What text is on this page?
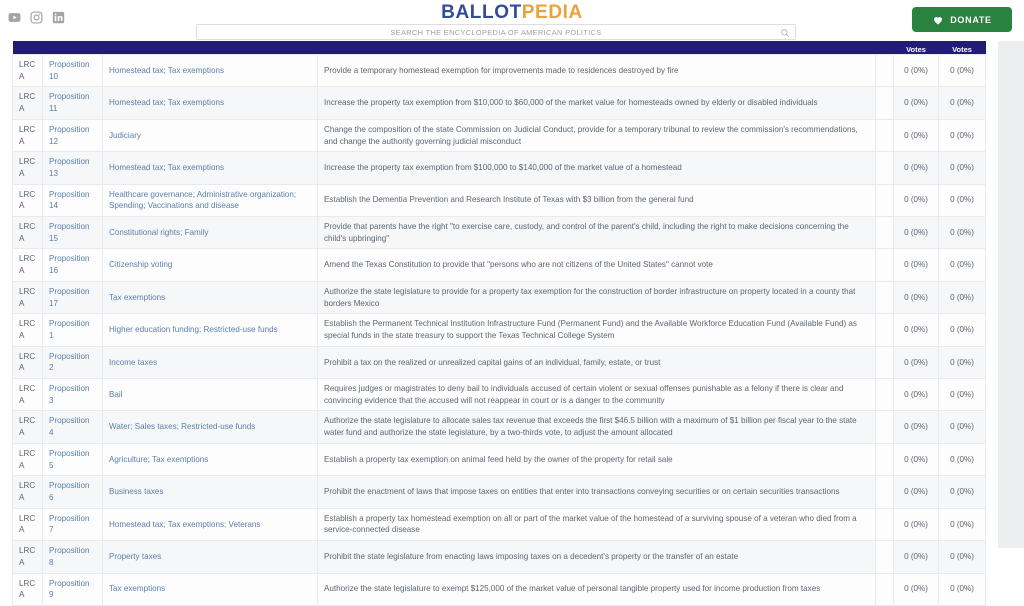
BALLOTPEDIA
SEARCH THE ENCYCLOPEDIA OF AMERICAN POLITICS	DONATE
					Votes	Votes
LRCA	Proposition 10	Homestead tax; Tax exemptions	Provide a temporary homestead exemption for improvements made to residences destroyed by fire		0 (0%)	0 (0%)
LRCA	Proposition 11	Homestead tax; Tax exemptions	Increase the property tax exemption from $10,000 to $60,000 of the market value for homesteads owned by elderly or disabled individuals		0 (0%)	0 (0%)
LRCA	Proposition 12	Judiciary	Change the composition of the state Commission on Judicial Conduct, provide for a temporary tribunal to review the commission's recommendations, and change the authority governing judicial misconduct		0 (0%)	0 (0%)
LRCA	Proposition 13	Homestead tax; Tax exemptions	Increase the property tax exemption from $100,000 to $140,000 of the market value of a homestead		0 (0%)	0 (0%)
LRCA	Proposition 14	Healthcare governance; Administrative organization; Spending; Vaccinations and disease	Establish the Dementia Prevention and Research Institute of Texas with $3 billion from the general fund		0 (0%)	0 (0%)
LRCA	Proposition 15	Constitutional rights; Family	Provide that parents have the right "to exercise care, custody, and control of the parent's child, including the right to make decisions concerning the child's upbringing"		0 (0%)	0 (0%)
LRCA	Proposition 16	Citizenship voting	Amend the Texas Constitution to provide that "persons who are not citizens of the United States" cannot vote		0 (0%)	0 (0%)
LRCA	Proposition 17	Tax exemptions	Authorize the state legislature to provide for a property tax exemption for the construction of border infrastructure on property located in a county that borders Mexico		0 (0%)	0 (0%)
LRCA	Proposition 1	Higher education funding; Restricted-use funds	Establish the Permanent Technical Institution Infrastructure Fund (Permanent Fund) and the Available Workforce Education Fund (Available Fund) as special funds in the state treasury to support the Texas Technical College System		0 (0%)	0 (0%)
LRCA	Proposition 2	Income taxes	Prohibit a tax on the realized or unrealized capital gains of an individual, family, estate, or trust		0 (0%)	0 (0%)
LRCA	Proposition 3	Bail	Requires judges or magistrates to deny bail to individuals accused of certain violent or sexual offenses punishable as a felony if there is clear and convincing evidence that the accused will not reappear in court or is a danger to the community		0 (0%)	0 (0%)
LRCA	Proposition 4	Water; Sales taxes; Restricted-use funds	Authorize the state legislature to allocate sales tax revenue that exceeds the first $46.5 billion with a maximum of $1 billion per fiscal year to the state water fund and authorize the state legislature, by a two-thirds vote, to adjust the amount allocated		0 (0%)	0 (0%)
LRCA	Proposition 5	Agriculture; Tax exemptions	Establish a property tax exemption on animal feed held by the owner of the property for retail sale		0 (0%)	0 (0%)
LRCA	Proposition 6	Business taxes	Prohibit the enactment of laws that impose taxes on entities that enter into transactions conveying securities or on certain securities transactions		0 (0%)	0 (0%)
LRCA	Proposition 7	Homestead tax; Tax exemptions; Veterans	Establish a property tax homestead exemption on all or part of the market value of the homestead of a surviving spouse of a veteran who died from a service-connected disease		0 (0%)	0 (0%)
LRCA	Proposition 8	Property taxes	Prohibit the state legislature from enacting laws imposing taxes on a decedent's property or the transfer of an estate		0 (0%)	0 (0%)
LRCA	Proposition 9	Tax exemptions	Authorize the state legislature to exempt $125,000 of the market value of personal tangible property used for income production from taxes		0 (0%)	0 (0%)
